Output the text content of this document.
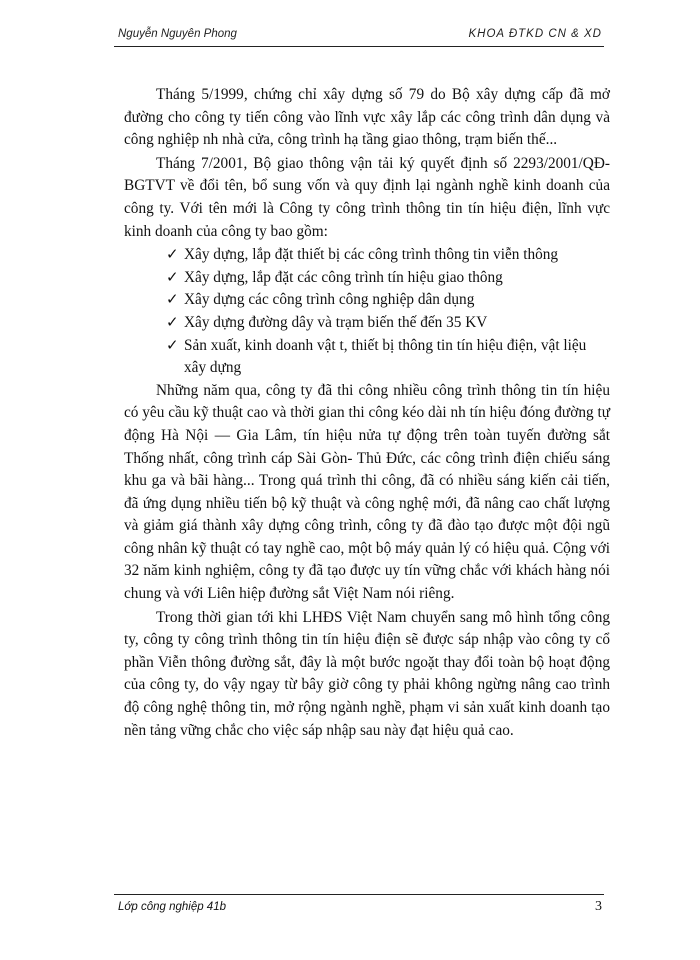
Nguyễn Nguyên Phong	KHOA ĐTKD CN & XD

Tháng 5/1999, chứng chỉ xây dựng số 79 do Bộ xây dựng cấp đã mở đường cho công ty tiến công vào lĩnh vực xây lắp các công trình dân dụng và công nghiệp nh nhà cửa, công trình hạ tầng giao thông, trạm biến thế...

Tháng 7/2001, Bộ giao thông vận tải ký quyết định số 2293/2001/QĐ-BGTVT về đổi tên, bổ sung vốn và quy định lại ngành nghề kinh doanh của công ty. Với tên mới là Công ty công trình thông tin tín hiệu điện, lĩnh vực kinh doanh của công ty bao gồm:

✓ Xây dựng, lắp đặt thiết bị các công trình thông tin viễn thông
✓ Xây dựng, lắp đặt các công trình tín hiệu giao thông
✓ Xây dựng các công trình công nghiệp dân dụng
✓ Xây dựng đường dây và trạm biến thế đến 35 KV
✓ Sản xuất, kinh doanh vật t, thiết bị thông tin tín hiệu điện, vật liệu xây dựng

Những năm qua, công ty đã thi công nhiều công trình thông tin tín hiệu có yêu cầu kỹ thuật cao và thời gian thi công kéo dài nh tín hiệu đóng đường tự động Hà Nội — Gia Lâm, tín hiệu nửa tự động trên toàn tuyến đường sắt Thống nhất, công trình cáp Sài Gòn- Thủ Đức, các công trình điện chiếu sáng khu ga và bãi hàng... Trong quá trình thi công, đã có nhiều sáng kiến cải tiến, đã ứng dụng nhiều tiến bộ kỹ thuật và công nghệ mới, đã nâng cao chất lượng và giảm giá thành xây dựng công trình, công ty đã đào tạo được một đội ngũ công nhân kỹ thuật có tay nghề cao, một bộ máy quản lý có hiệu quả. Cộng với 32 năm kinh nghiệm, công ty đã tạo được uy tín vững chắc với khách hàng nói chung và với Liên hiệp đường sắt Việt Nam nói riêng.

Trong thời gian tới khi LHĐS Việt Nam chuyển sang mô hình tổng công ty, công ty công trình thông tin tín hiệu điện sẽ được sáp nhập vào công ty cổ phần Viễn thông đường sắt, đây là một bước ngoặt thay đổi toàn bộ hoạt động của công ty, do vậy ngay từ bây giờ công ty phải không ngừng nâng cao trình độ công nghệ thông tin, mở rộng ngành nghề, phạm vi sản xuất kinh doanh tạo nền tảng vững chắc cho việc sáp nhập sau này đạt hiệu quả cao.

Lớp công nghiệp 41b	3
